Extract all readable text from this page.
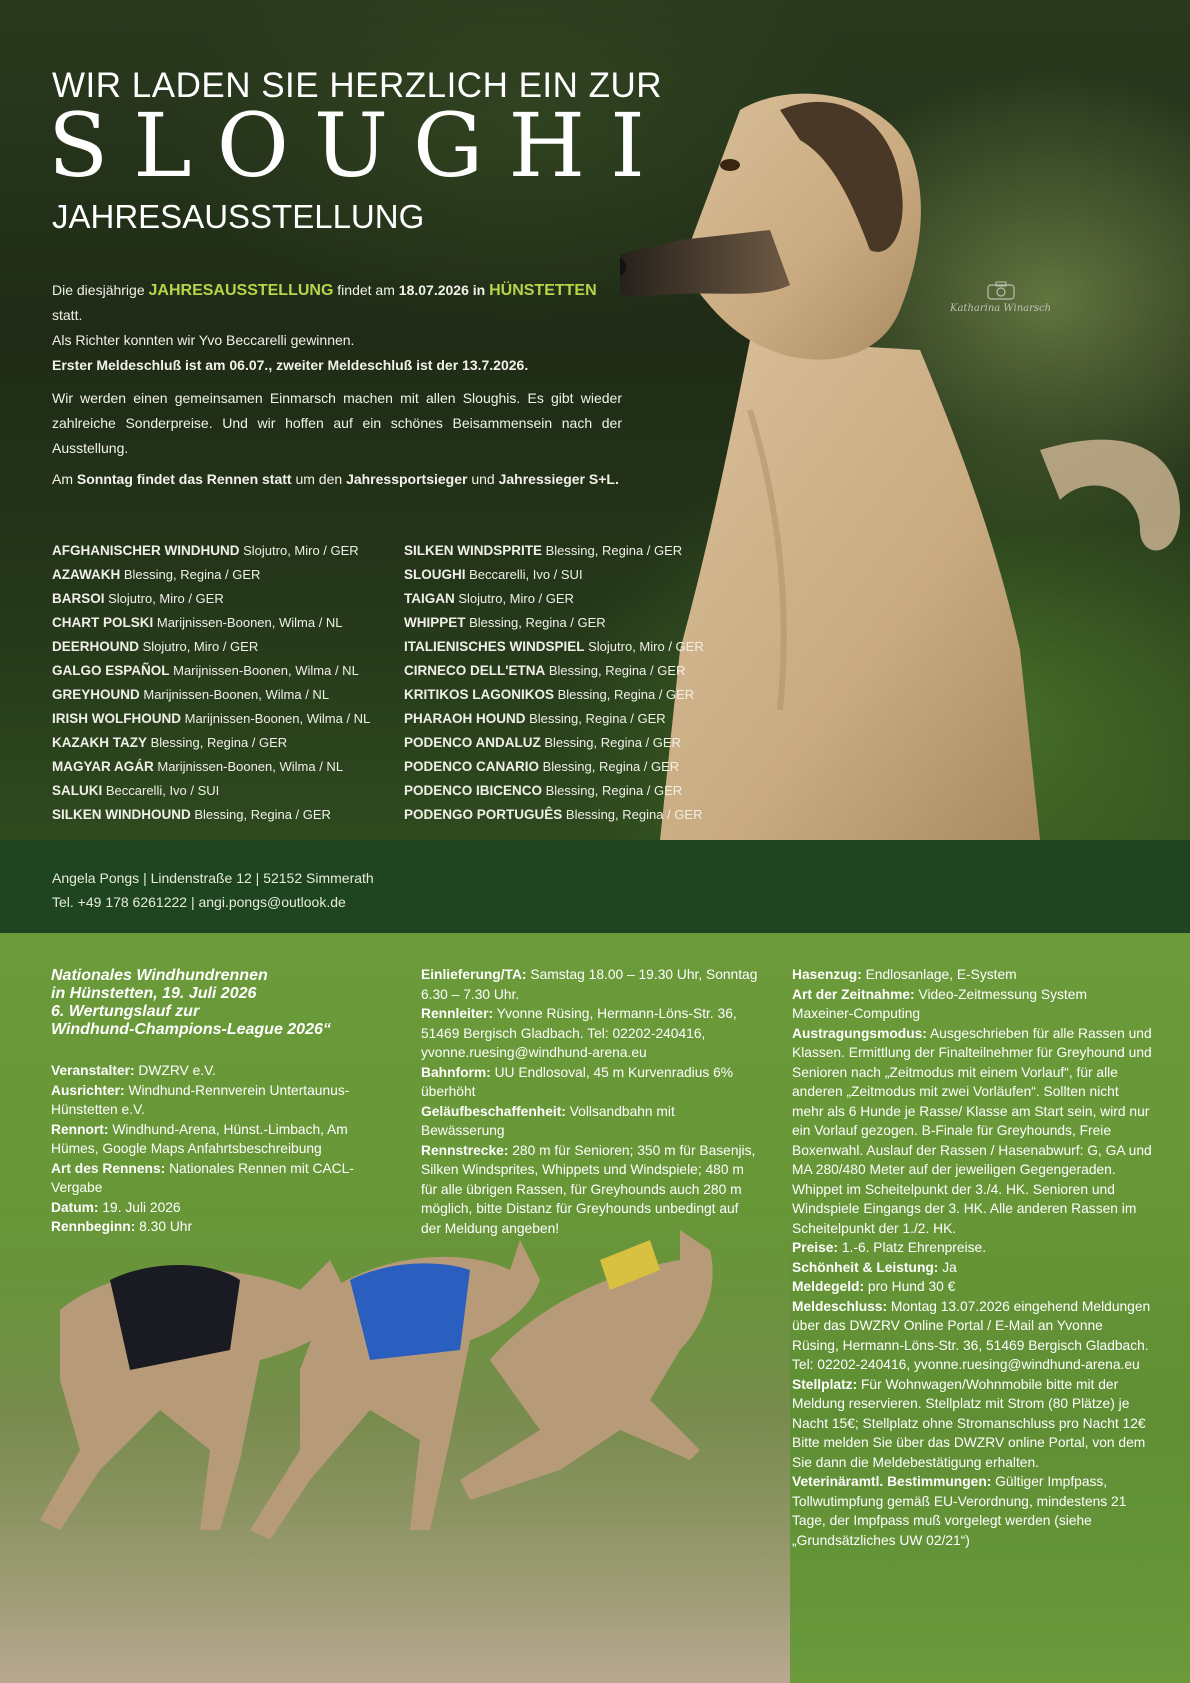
WIR LADEN SIE HERZLICH EIN ZUR
SLOUGHI
JAHRESAUSSTELLUNG
Die diesjährige JAHRESAUSSTELLUNG findet am 18.07.2026 in HÜNSTETTEN statt.
Als Richter konnten wir Yvo Beccarelli gewinnen.
Erster Meldeschluß ist am 06.07., zweiter Meldeschluß ist der 13.7.2026.
Wir werden einen gemeinsamen Einmarsch machen mit allen Sloughis. Es gibt wieder zahlreiche Sonderpreise. Und wir hoffen auf ein schönes Beisammensein nach der Ausstellung.
Am Sonntag findet das Rennen statt um den Jahressportsieger und Jahressieger S+L.
AFGHANISCHER WINDHUND Slojutro, Miro / GER
AZAWAKH Blessing, Regina / GER
BARSOI Slojutro, Miro / GER
CHART POLSKI Marijnissen-Boonen, Wilma / NL
DEERHOUND Slojutro, Miro / GER
GALGO ESPAÑOL Marijnissen-Boonen, Wilma / NL
GREYHOUND Marijnissen-Boonen, Wilma / NL
IRISH WOLFHOUND Marijnissen-Boonen, Wilma / NL
KAZAKH TAZY Blessing, Regina / GER
MAGYAR AGÁR Marijnissen-Boonen, Wilma / NL
SALUKI Beccarelli, Ivo / SUI
SILKEN WINDHOUND Blessing, Regina / GER
SILKEN WINDSPRITE Blessing, Regina / GER
SLOUGHI Beccarelli, Ivo / SUI
TAIGAN Slojutro, Miro / GER
WHIPPET Blessing, Regina / GER
ITALIENISCHES WINDSPIEL Slojutro, Miro / GER
CIRNECO DELL'ETNA Blessing, Regina / GER
KRITIKOS LAGONIKOS Blessing, Regina / GER
PHARAOH HOUND Blessing, Regina / GER
PODENCO ANDALUZ Blessing, Regina / GER
PODENCO CANARIO Blessing, Regina / GER
PODENCO IBICENCO Blessing, Regina / GER
PODENGO PORTUGUÊS Blessing, Regina / GER
Katharina Winarsch
Angela Pongs | Lindenstraße 12 | 52152 Simmerath
Tel. +49 178 6261222 | angi.pongs@outlook.de
Nationales Windhundrennen
in Hünstetten, 19. Juli 2026
6. Wertungslauf zur
Windhund-Champions-League 2026“
Veranstalter: DWZRV e.V.
Ausrichter: Windhund-Rennverein Untertaunus-Hünstetten e.V.
Rennort: Windhund-Arena, Hünst.-Limbach, Am Hümes, Google Maps Anfahrtsbeschreibung
Art des Rennens: Nationales Rennen mit CACL-Vergabe
Datum: 19. Juli 2026
Rennbeginn: 8.30 Uhr
Einlieferung/TA: Samstag 18.00 – 19.30 Uhr, Sonntag 6.30 – 7.30 Uhr.
Rennleiter: Yvonne Rüsing, Hermann-Löns-Str. 36, 51469 Bergisch Gladbach. Tel: 02202-240416, yvonne.ruesing@windhund-arena.eu
Bahnform: UU Endlosoval, 45 m Kurvenradius 6% überhöht
Geläufbeschaffenheit: Vollsandbahn mit Bewässerung
Rennstrecke: 280 m für Senioren; 350 m für Basenjis, Silken Windsprites, Whippets und Windspiele; 480 m für alle übrigen Rassen, für Greyhounds auch 280 m möglich, bitte Distanz für Greyhounds unbedingt auf der Meldung angeben!
Hasenzug: Endlosanlage, E-System
Art der Zeitnahme: Video-Zeitmessung System Maxeiner-Computing
Austragungsmodus: Ausgeschrieben für alle Rassen und Klassen. Ermittlung der Finalteilnehmer für Greyhound und Senioren nach „Zeitmodus mit einem Vorlauf“, für alle anderen „Zeitmodus mit zwei Vorläufen“. Sollten nicht mehr als 6 Hunde je Rasse/ Klasse am Start sein, wird nur ein Vorlauf gezogen. B-Finale für Greyhounds, Freie Boxenwahl. Auslauf der Rassen / Hasenabwurf: G, GA und MA 280/480 Meter auf der jeweiligen Gegengeraden. Whippet im Scheitelpunkt der 3./4. HK. Senioren und Windspiele Eingangs der 3. HK. Alle anderen Rassen im Scheitelpunkt der 1./2. HK.
Preise: 1.-6. Platz Ehrenpreise.
Schönheit & Leistung: Ja
Meldegeld: pro Hund 30 €
Meldeschluss: Montag 13.07.2026 eingehend Meldungen über das DWZRV Online Portal / E-Mail an Yvonne Rüsing, Hermann-Löns-Str. 36, 51469 Bergisch Gladbach. Tel: 02202-240416, yvonne.ruesing@windhund-arena.eu
Stellplatz: Für Wohnwagen/Wohnmobile bitte mit der Meldung reservieren. Stellplatz mit Strom (80 Plätze) je Nacht 15€; Stellplatz ohne Stromanschluss pro Nacht 12€ Bitte melden Sie über das DWZRV online Portal, von dem Sie dann die Meldebestätigung erhalten.
Veterinäramtl. Bestimmungen: Gültiger Impfpass, Tollwutimpfung gemäß EU-Verordnung, mindestens 21 Tage, der Impfpass muß vorgelegt werden (siehe „Grundsätzliches UW 02/21“)
